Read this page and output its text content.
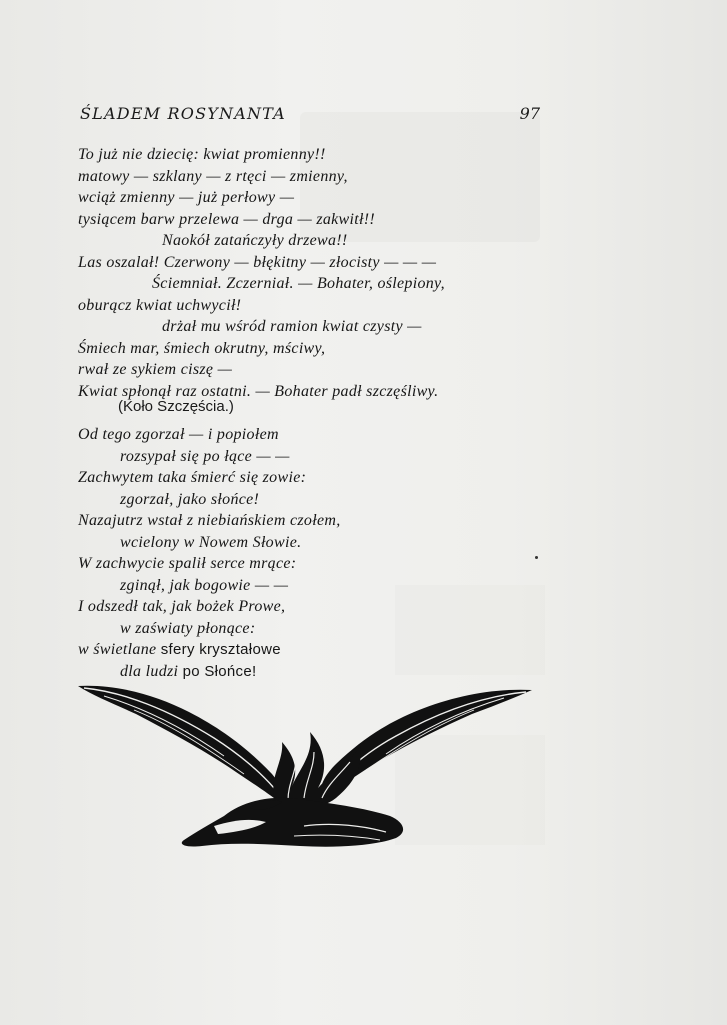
ŚLADEM ROSYNANTA	97
To już nie dziecię: kwiat promienny!!
matowy — szklany — z rtęci — zmienny,
wciąż zmienny — już perłowy —
tysiącem barw przelewa — drga — zakwitł!!
Naokół zatańczyły drzewa!!
Las oszalał! Czerwony — błękitny — złocisty — — —
Ściemniał. Zczerniał. — Bohater, oślepiony,
oburącz kwiat uchwycił!
drżał mu wśród ramion kwiat czysty —
Śmiech mar, śmiech okrutny, mściwy,
rwał ze sykiem ciszę —
Kwiat spłonął raz ostatni. — Bohater padł szczęśliwy.
(Koło Szczęścia.)
Od tego zgorzał — i popiołem
rozsypał się po łące — —
Zachwytem taka śmierć się zowie:
zgorzał, jako słońce!
Nazajutrz wstał z niebiańskiem czołem,
wcielony w Nowem Słowie.
W zachwycie spalił serce mrące:
zginął, jak bogowie — —
I odszedł tak, jak bożek Prowe,
w zaświaty płonące:
w świetlane sfery kryształowe
dla ludzi po Słońce!
